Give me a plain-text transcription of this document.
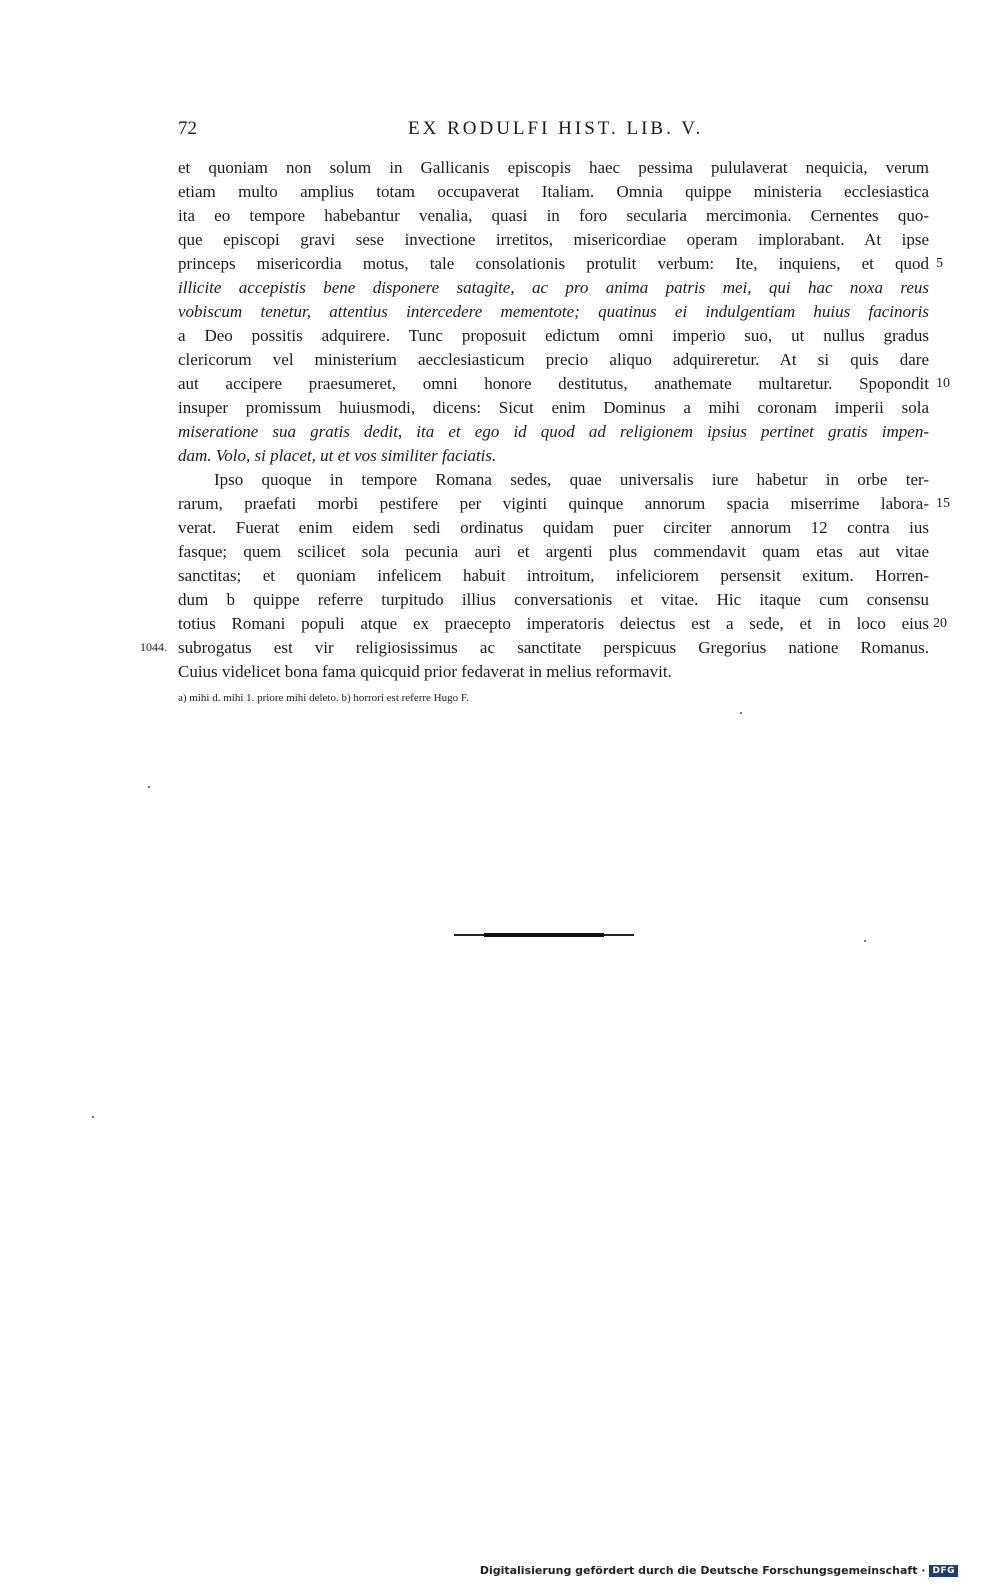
72	EX RODULFI HIST. LIB. V.
et quoniam non solum in Gallicanis episcopis haec pessima pululaverat nequicia, verum
etiam multo amplius totam occupaverat Italiam. Omnia quippe ministeria ecclesiastica
ita eo tempore habebantur venalia, quasi in foro secularia mercimonia. Cernentes quo-
que episcopi gravi sese invectione irretitos, misericordiae operam implorabant. At ipse
princeps misericordia motus, tale consolationis protulit verbum: Ite, inquiens, et quod
illicite accepistis bene disponere satagite, ac pro anima patris mei, qui hac noxa reus
vobiscum tenetur, attentius intercedere mementote; quatinus ei indulgentiam huius facinoris
a Deo possitis adquirere. Tunc proposuit edictum omni imperio suo, ut nullus gradus
clericorum vel ministerium aecclesiasticum precio aliquo adquireretur. At si quis dare
aut accipere praesumeret, omni honore destitutus, anathemate multaretur. Spopondit
insuper promissum huiusmodi, dicens: Sicut enim Dominus a mihi coronam imperii sola
miseratione sua gratis dedit, ita et ego id quod ad religionem ipsius pertinet gratis impen-
dam. Volo, si placet, ut et vos similiter faciatis.
Ipso quoque in tempore Romana sedes, quae universalis iure habetur in orbe ter-
rarum, praefati morbi pestifere per viginti quinque annorum spacia miserrime labora-
verat. Fuerat enim eidem sedi ordinatus quidam puer circiter annorum 12 contra ius
fasque; quem scilicet sola pecunia auri et argenti plus commendavit quam etas aut vitae
sanctitas; et quoniam infelicem habuit introitum, infeliciorem persensit exitum. Horren-
dum b quippe referre turpitudo illius conversationis et vitae. Hic itaque cum consensu
totius Romani populi atque ex praecepto imperatoris deiectus est a sede, et in loco eius
subrogatus est vir religiosissimus ac sanctitate perspicuus Gregorius natione Romanus.
Cuius videlicet bona fama quicquid prior fedaverat in melius reformavit.
5
10
15
20
1044.
a) mihi d. mihi 1. priore mihi deleto. b) horrori est referre Hugo F.
Digitalisierung gefördert durch die Deutsche Forschungsgemeinschaft · DFG
